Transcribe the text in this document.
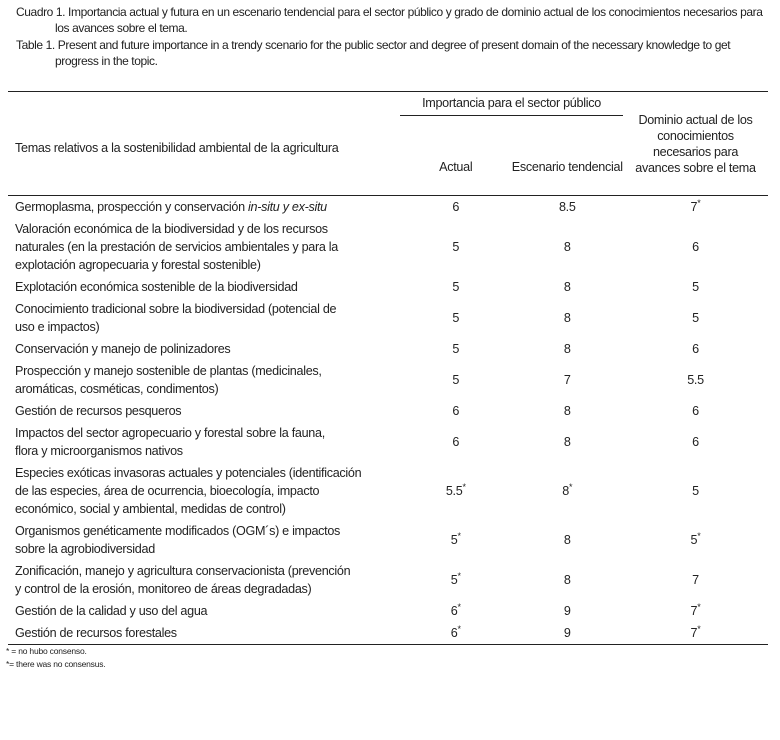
Cuadro 1. Importancia actual y futura en un escenario tendencial para el sector público y grado de dominio actual de los conocimientos necesarios para los avances sobre el tema.
Table 1. Present and future importance in a trendy scenario for the public sector and degree of present domain of the necessary knowledge to get progress in the topic.
Temas relativos a la sostenibilidad ambiental de la agricultura	Importancia para el sector público		Dominio actual de los conocimientos necesarios para avances sobre el tema
	Actual	Escenario tendencial	
Germoplasma, prospección y conservación in-situ y ex-situ	6	8.5	7*
Valoración económica de la biodiversidad y de los recursos
naturales (en la prestación de servicios ambientales y para la
explotación agropecuaria y forestal sostenible)	5	8	6
Explotación económica sostenible de la biodiversidad	5	8	5
Conocimiento tradicional sobre la biodiversidad (potencial de
uso e impactos)	5	8	5
Conservación y manejo de polinizadores	5	8	6
Prospección y manejo sostenible de plantas (medicinales,
aromáticas, cosméticas, condimentos)	5	7	5.5
Gestión de recursos pesqueros	6	8	6
Impactos del sector agropecuario y forestal sobre la fauna,
flora y microorganismos nativos	6	8	6
Especies exóticas invasoras actuales y potenciales (identificación
de las especies, área de ocurrencia, bioecología, impacto
económico, social y ambiental, medidas de control)	5.5*	8*	5
Organismos genéticamente modificados (OGM´s) e impactos
sobre la agrobiodiversidad	5*	8	5*
Zonificación, manejo y agricultura conservacionista (prevención
y control de la erosión, monitoreo de áreas degradadas)	5*	8	7
Gestión de la calidad y uso del agua	6*	9	7*
Gestión de recursos forestales	6*	9	7*
* = no hubo consenso.
*= there was no consensus.
